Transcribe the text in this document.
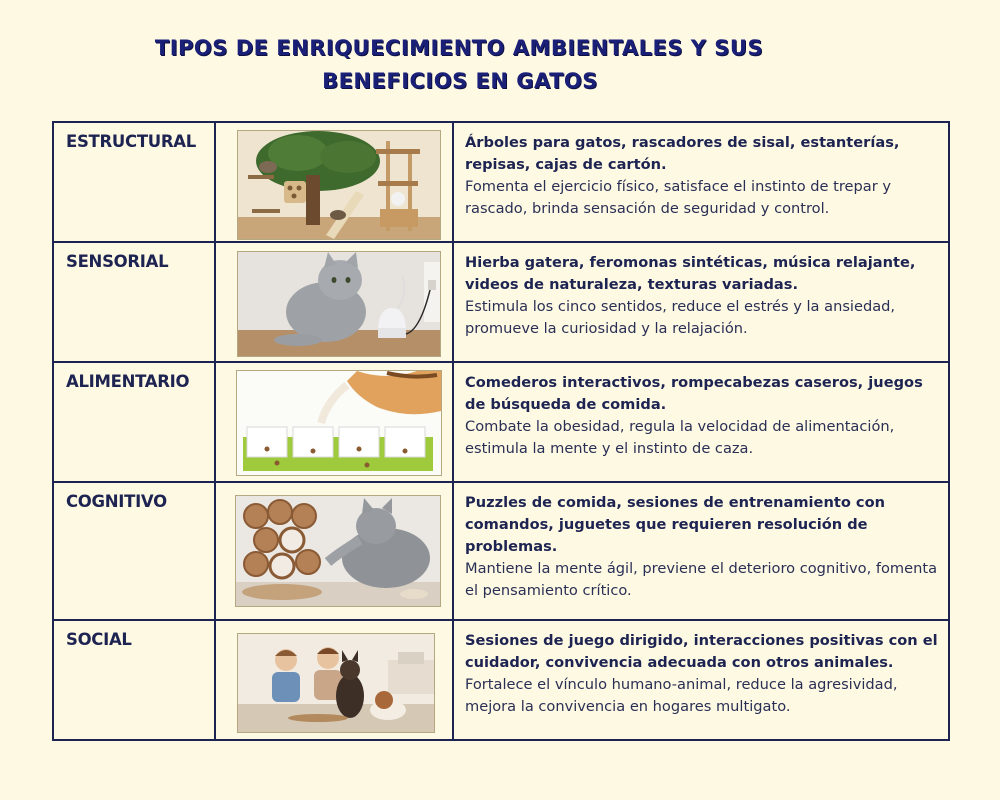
TIPOS DE ENRIQUECIMIENTO AMBIENTALES Y SUS
BENEFICIOS EN GATOS
ESTRUCTURAL		Árboles para gatos, rascadores de sisal, estanterías, repisas, cajas de cartón.
Fomenta el ejercicio físico, satisface el instinto de trepar y rascado, brinda sensación de seguridad y control.

SENSORIAL		Hierba gatera, feromonas sintéticas, música relajante, videos de naturaleza, texturas variadas.
Estimula los cinco sentidos, reduce el estrés y la ansiedad, promueve la curiosidad y la relajación.

ALIMENTARIO		Comederos interactivos, rompecabezas caseros, juegos de búsqueda de comida.
Combate la obesidad, regula la velocidad de alimentación, estimula la mente y el instinto de caza.

COGNITIVO		Puzzles de comida, sesiones de entrenamiento con comandos, juguetes que requieren resolución de problemas.
Mantiene la mente ágil, previene el deterioro cognitivo, fomenta el pensamiento crítico.

SOCIAL		Sesiones de juego dirigido, interacciones positivas con el cuidador, convivencia adecuada con otros animales.
Fortalece el vínculo humano-animal, reduce la agresividad, mejora la convivencia en hogares multigato.
